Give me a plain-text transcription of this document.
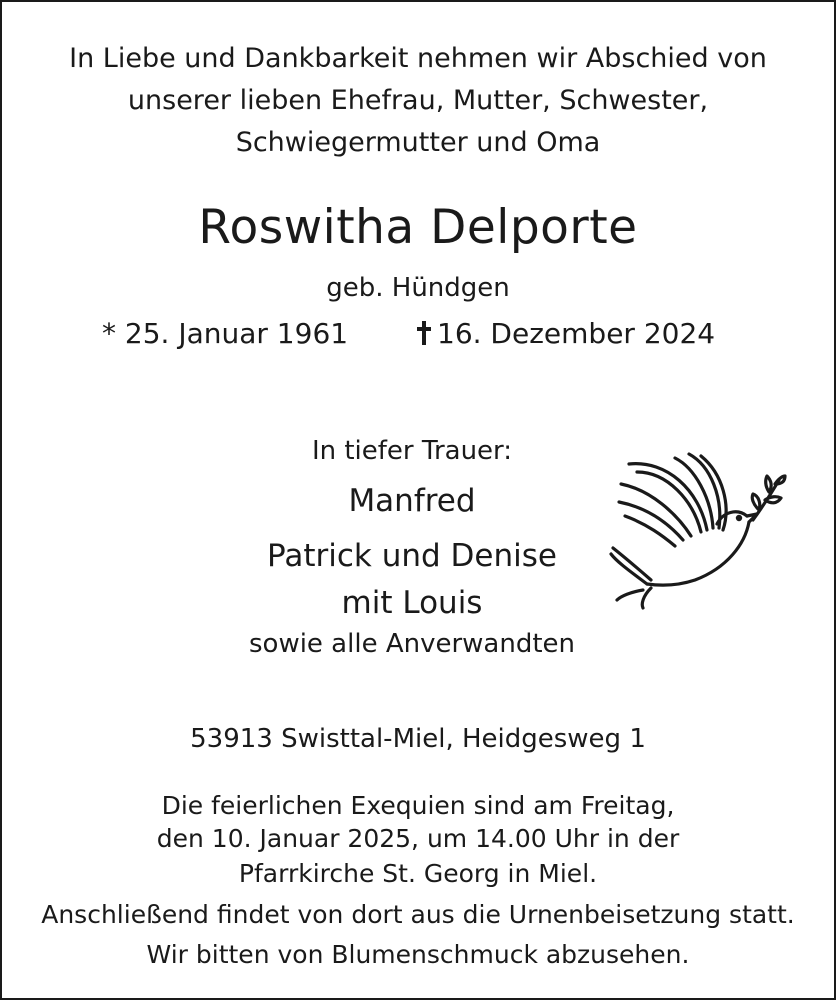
In Liebe und Dankbarkeit nehmen wir Abschied von
unserer lieben Ehefrau, Mutter, Schwester,
Schwiegermutter und Oma
Roswitha Delporte
geb. Hündgen
* 25. Januar 1961	16. Dezember 2024
In tiefer Trauer:
Manfred
Patrick und Denise
mit Louis
sowie alle Anverwandten
53913 Swisttal-Miel, Heidgesweg 1
Die feierlichen Exequien sind am Freitag,
den 10. Januar 2025, um 14.00 Uhr in der
Pfarrkirche St. Georg in Miel.
Anschließend findet von dort aus die Urnenbeisetzung statt.
Wir bitten von Blumenschmuck abzusehen.
